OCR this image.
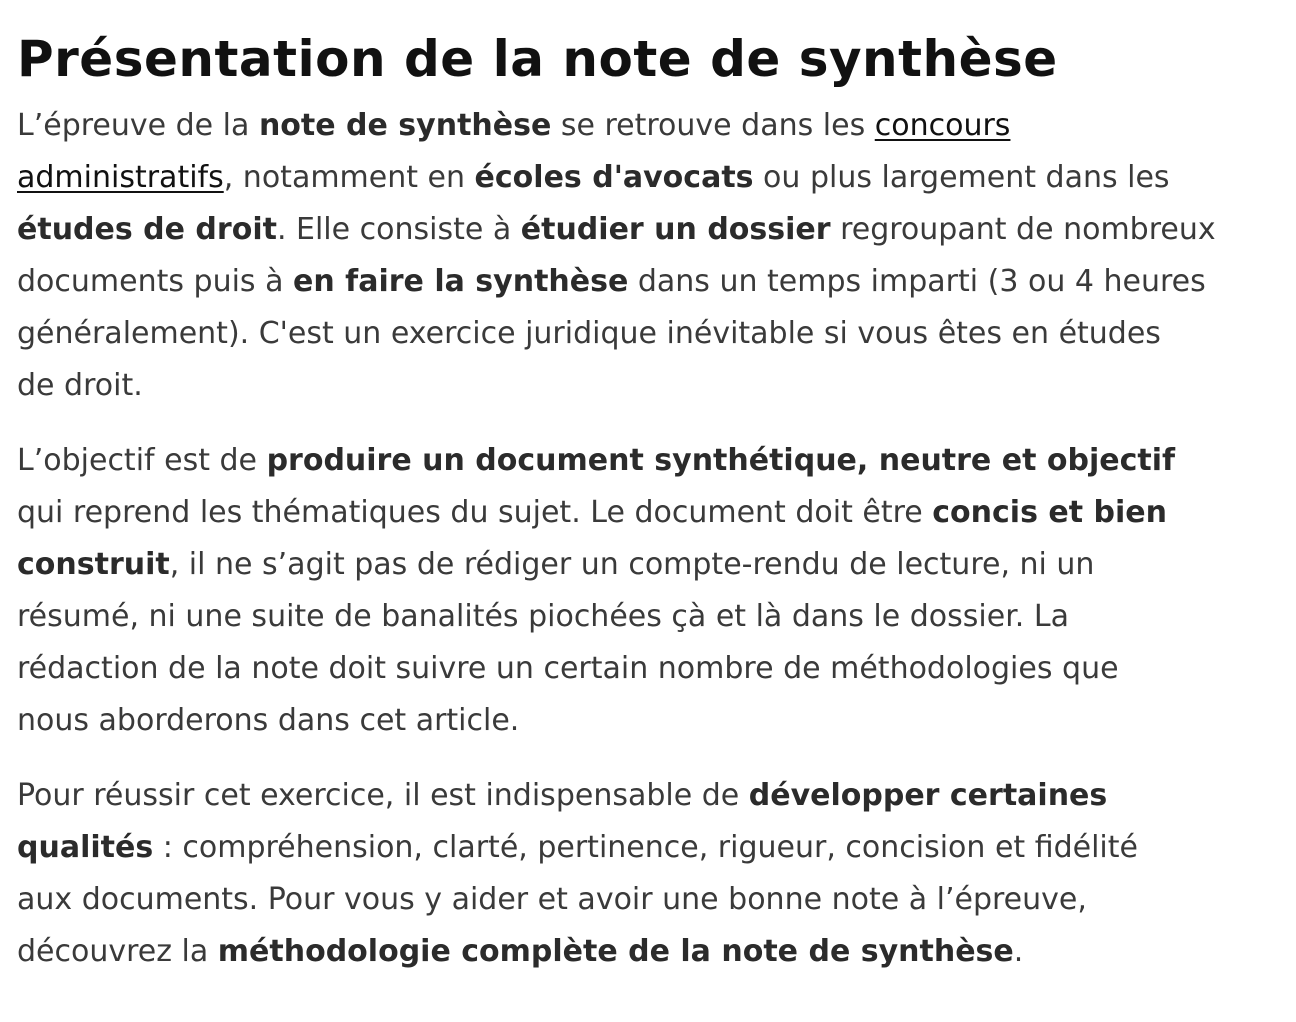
Présentation de la note de synthèse

L’épreuve de la note de synthèse se retrouve dans les concours
administratifs, notamment en écoles d'avocats ou plus largement dans les
études de droit. Elle consiste à étudier un dossier regroupant de nombreux
documents puis à en faire la synthèse dans un temps imparti (3 ou 4 heures
généralement). C'est un exercice juridique inévitable si vous êtes en études
de droit.

L’objectif est de produire un document synthétique, neutre et objectif
qui reprend les thématiques du sujet. Le document doit être concis et bien
construit, il ne s’agit pas de rédiger un compte-rendu de lecture, ni un
résumé, ni une suite de banalités piochées çà et là dans le dossier. La
rédaction de la note doit suivre un certain nombre de méthodologies que
nous aborderons dans cet article.

Pour réussir cet exercice, il est indispensable de développer certaines
qualités : compréhension, clarté, pertinence, rigueur, concision et fidélité
aux documents. Pour vous y aider et avoir une bonne note à l’épreuve,
découvrez la méthodologie complète de la note de synthèse.
